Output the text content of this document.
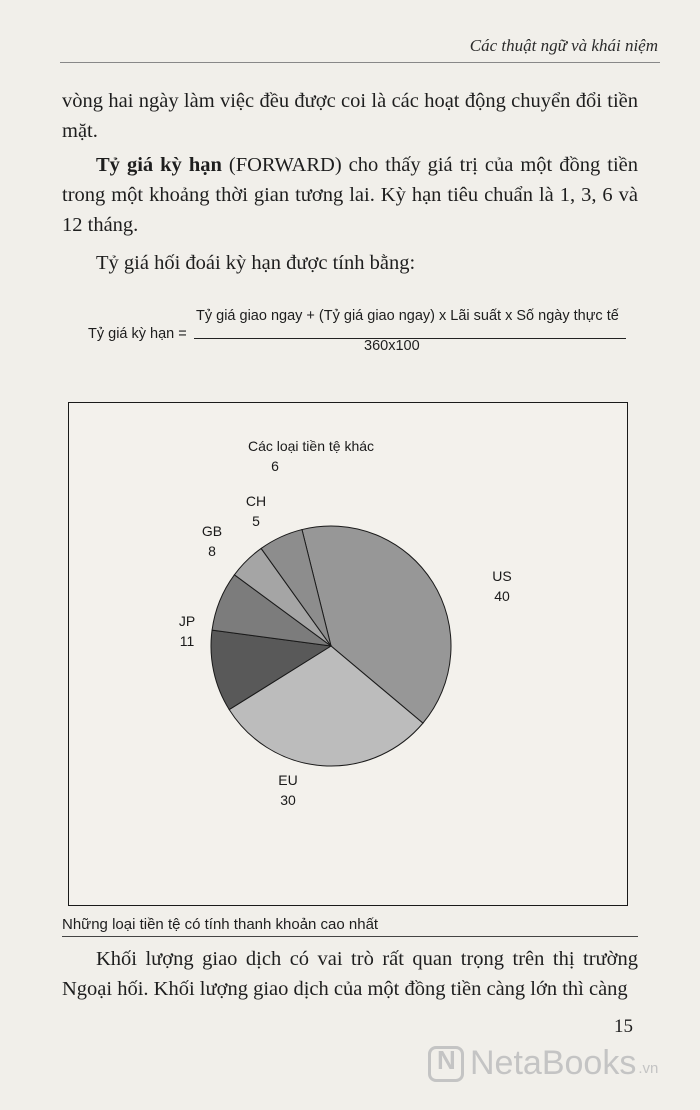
Các thuật ngữ và khái niệm

vòng hai ngày làm việc đều được coi là các hoạt động chuyển đổi tiền mặt.

Tỷ giá kỳ hạn (FORWARD) cho thấy giá trị của một đồng tiền trong một khoảng thời gian tương lai. Kỳ hạn tiêu chuẩn là 1, 3, 6 và 12 tháng.

Tỷ giá hối đoái kỳ hạn được tính bằng:

Tỷ giá kỳ hạn =
Tỷ giá giao ngay + (Tỷ giá giao ngay) x Lãi suất x Số ngày thực tế
360x100
US
40
EU
30
JP
11
GB
8
CH
5
Các loại tiền tệ khác
6
Những loại tiền tệ có tính thanh khoản cao nhất

Khối lượng giao dịch có vai trò rất quan trọng trên thị trường Ngoại hối. Khối lượng giao dịch của một đồng tiền càng lớn thì càng

15
N
NetaBooks .vn
